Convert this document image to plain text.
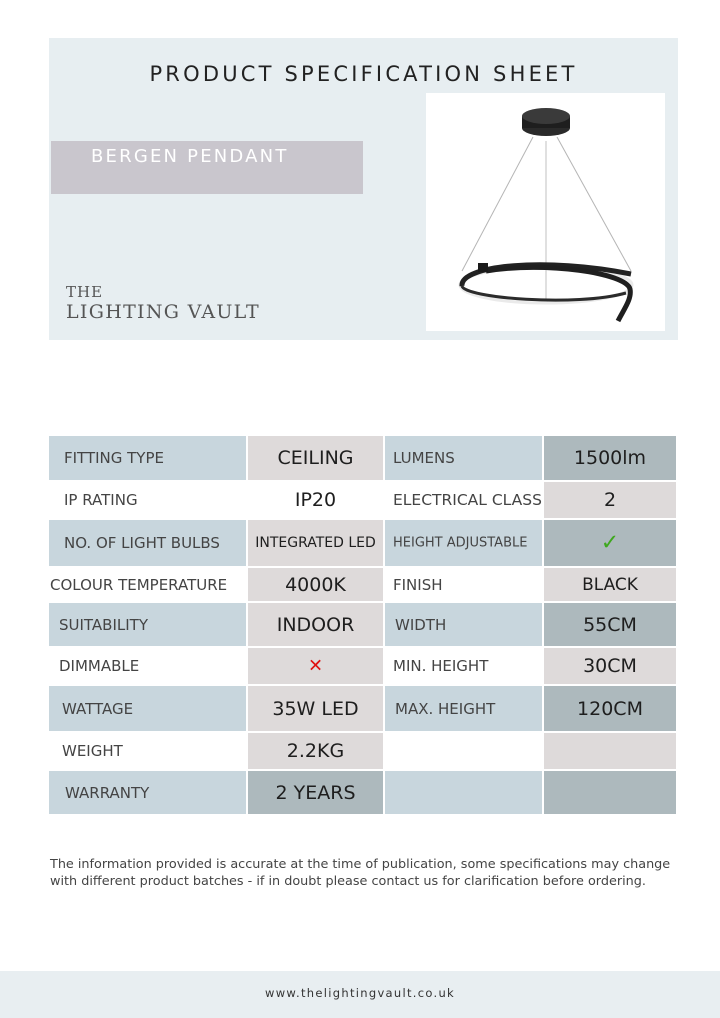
PRODUCT SPECIFICATION SHEET
BERGEN PENDANT
THE
LIGHTING VAULT
FITTING TYPE	CEILING	LUMENS	1500lm
IP RATING	IP20	ELECTRICAL CLASS	2
NO. OF LIGHT BULBS	INTEGRATED LED	HEIGHT ADJUSTABLE	✓
COLOUR TEMPERATURE	4000K	FINISH	BLACK
SUITABILITY	INDOOR	WIDTH	55CM
DIMMABLE	✕	MIN. HEIGHT	30CM
WATTAGE	35W LED	MAX. HEIGHT	120CM
WEIGHT	2.2KG
WARRANTY	2 YEARS
The information provided is accurate at the time of publication, some specifications may change with different product batches - if in doubt please contact us for clarification before ordering.
www.thelightingvault.co.uk
